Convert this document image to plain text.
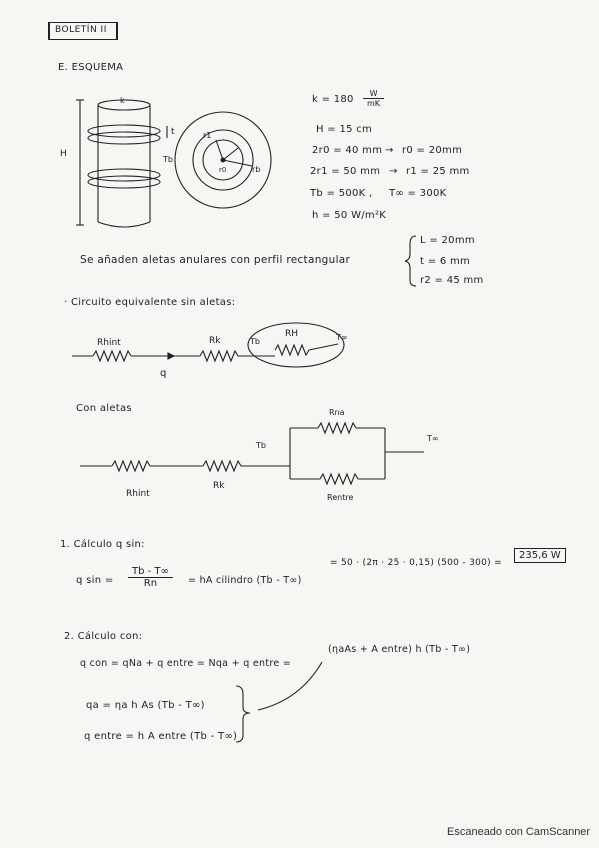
BOLETÍN II
E. ESQUEMA
k
t
Tb
H
r1
r0	rb
Rhint	Rk	Tb
RH	T∞
q
Rhint
Rk
Tb
Rna
Rentre
T∞
$k = 180 \frac{W}{mK}$
H = 15 cm
2r0 = 40 mm → r0 = 20mm
2r1 = 50 mm → r1 = 25 mm
Tb = 500K , T∞ = 300K
h = 50 W/m²K
Se añaden aletas anulares con perfil rectangular
L = 20mm
t = 6 mm
r2 = 45 mm
· Circuito equivalente sin aletas:
Con aletas
1. Cálculo q sin:
q $\sin = \frac{Tb - T\infty}{Rn}$ = hA cilindro (Tb - T∞)
= 50 · (2π · 25 · 0,15) (500 - 300) =
235,6 W
2. Cálculo con:
q con = qNa + q entre = Nqa + q entre =
(ηaAs + A entre) h (Tb - T∞)
qa = ηa h As (Tb - T∞)
q entre = h A entre (Tb - T∞)
Escaneado con CamScanner
